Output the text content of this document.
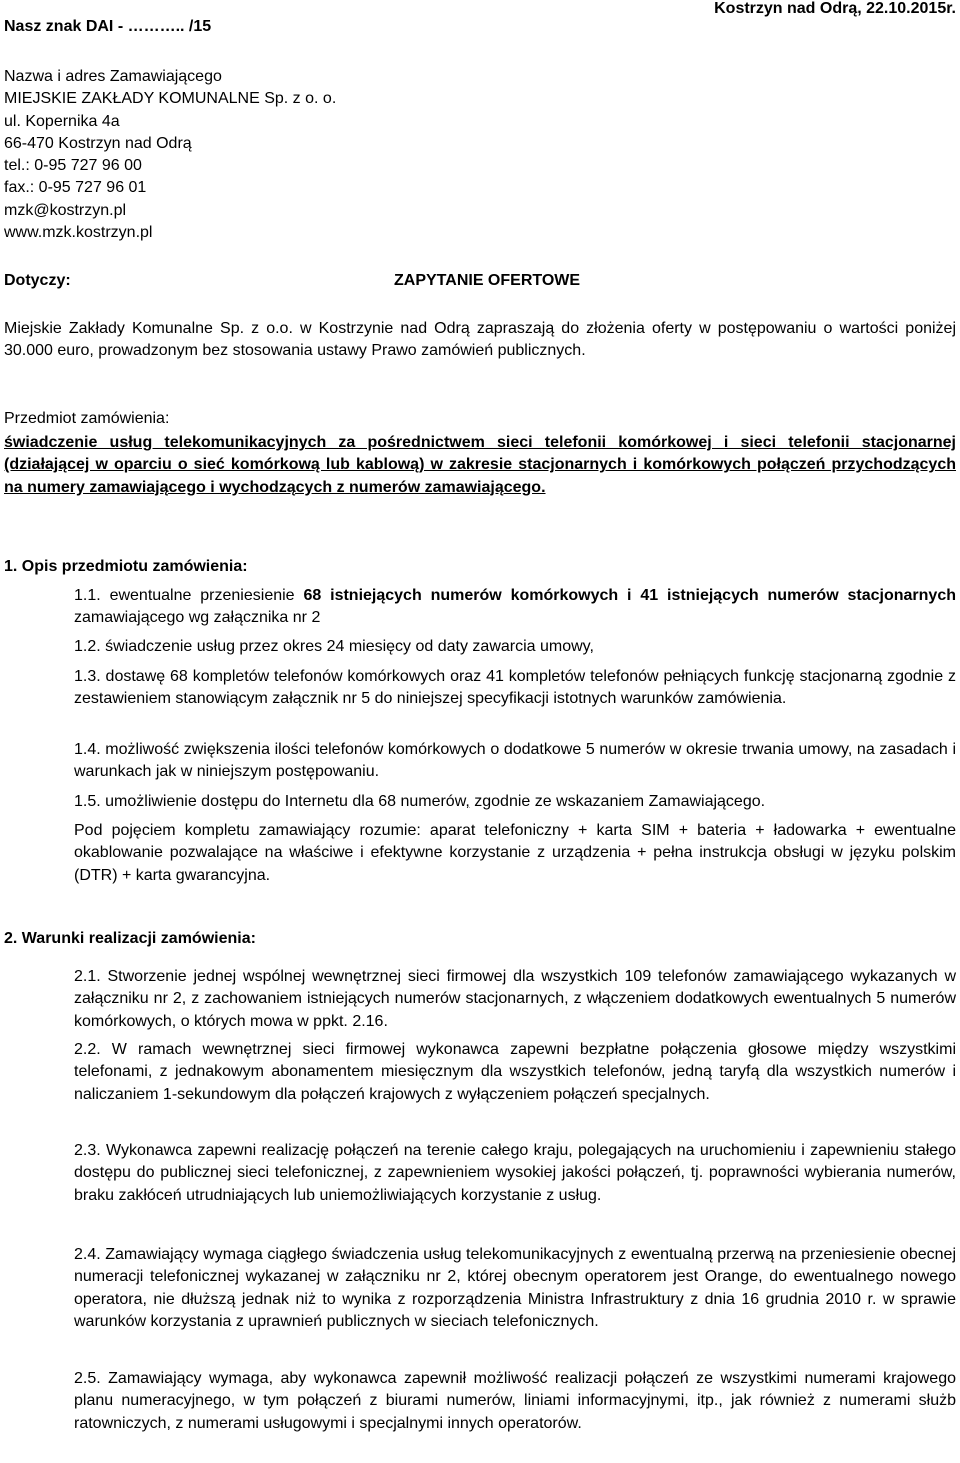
Nasz znak DAI - ……….. /15
Kostrzyn nad Odrą, 22.10.2015r.
Nazwa i adres Zamawiającego
MIEJSKIE ZAKŁADY KOMUNALNE Sp. z o. o.
ul. Kopernika 4a
66-470 Kostrzyn nad Odrą
tel.: 0-95 727 96 00
fax.: 0-95 727 96 01
mzk@kostrzyn.pl
www.mzk.kostrzyn.pl
Dotyczy:	ZAPYTANIE OFERTOWE

Miejskie Zakłady Komunalne Sp. z o.o. w Kostrzynie nad Odrą zapraszają do złożenia oferty w postępowaniu o wartości poniżej 30.000 euro, prowadzonym bez stosowania ustawy Prawo zamówień publicznych.

Przedmiot zamówienia:

świadczenie usług telekomunikacyjnych za pośrednictwem sieci telefonii komórkowej i sieci telefonii stacjonarnej (działającej w oparciu o sieć komórkową lub kablową) w zakresie stacjonarnych i komórkowych połączeń przychodzących na numery zamawiającego i wychodzących z numerów zamawiającego.

1. Opis przedmiotu zamówienia:

1.1. ewentualne przeniesienie 68 istniejących numerów komórkowych i 41 istniejących numerów stacjonarnych zamawiającego wg załącznika nr 2

1.2. świadczenie usług przez okres 24 miesięcy od daty zawarcia umowy,

1.3. dostawę 68 kompletów telefonów komórkowych oraz 41 kompletów telefonów pełniących funkcję stacjonarną zgodnie z zestawieniem stanowiącym załącznik nr 5 do niniejszej specyfikacji istotnych warunków zamówienia.

1.4. możliwość zwiększenia ilości telefonów komórkowych o dodatkowe 5 numerów w okresie trwania umowy, na zasadach i warunkach jak w niniejszym postępowaniu.

1.5. umożliwienie dostępu do Internetu dla 68 numerów, zgodnie ze wskazaniem Zamawiającego.

Pod pojęciem kompletu zamawiający rozumie: aparat telefoniczny + karta SIM + bateria + ładowarka + ewentualne okablowanie pozwalające na właściwe i efektywne korzystanie z urządzenia + pełna instrukcja obsługi w języku polskim (DTR) + karta gwarancyjna.

2. Warunki realizacji zamówienia:

2.1. Stworzenie jednej wspólnej wewnętrznej sieci firmowej dla wszystkich 109 telefonów zamawiającego wykazanych w załączniku nr 2, z zachowaniem istniejących numerów stacjonarnych, z włączeniem dodatkowych ewentualnych 5 numerów komórkowych, o których mowa w ppkt. 2.16.

2.2. W ramach wewnętrznej sieci firmowej wykonawca zapewni bezpłatne połączenia głosowe między wszystkimi telefonami, z jednakowym abonamentem miesięcznym dla wszystkich telefonów, jedną taryfą dla wszystkich numerów i naliczaniem 1-sekundowym dla połączeń krajowych z wyłączeniem połączeń specjalnych.

2.3. Wykonawca zapewni realizację połączeń na terenie całego kraju, polegających na uruchomieniu i zapewnieniu stałego dostępu do publicznej sieci telefonicznej, z zapewnieniem wysokiej jakości połączeń, tj. poprawności wybierania numerów, braku zakłóceń utrudniających lub uniemożliwiających korzystanie z usług.

2.4. Zamawiający wymaga ciągłego świadczenia usług telekomunikacyjnych z ewentualną przerwą na przeniesienie obecnej numeracji telefonicznej wykazanej w załączniku nr 2, której obecnym operatorem jest Orange, do ewentualnego nowego operatora, nie dłuższą jednak niż to wynika z rozporządzenia Ministra Infrastruktury z dnia 16 grudnia 2010 r. w sprawie warunków korzystania z uprawnień publicznych w sieciach telefonicznych.

2.5. Zamawiający wymaga, aby wykonawca zapewnił możliwość realizacji połączeń ze wszystkimi numerami krajowego planu numeracyjnego, w tym połączeń z biurami numerów, liniami informacyjnymi, itp., jak również z numerami służb ratowniczych, z numerami usługowymi i specjalnymi innych operatorów.
